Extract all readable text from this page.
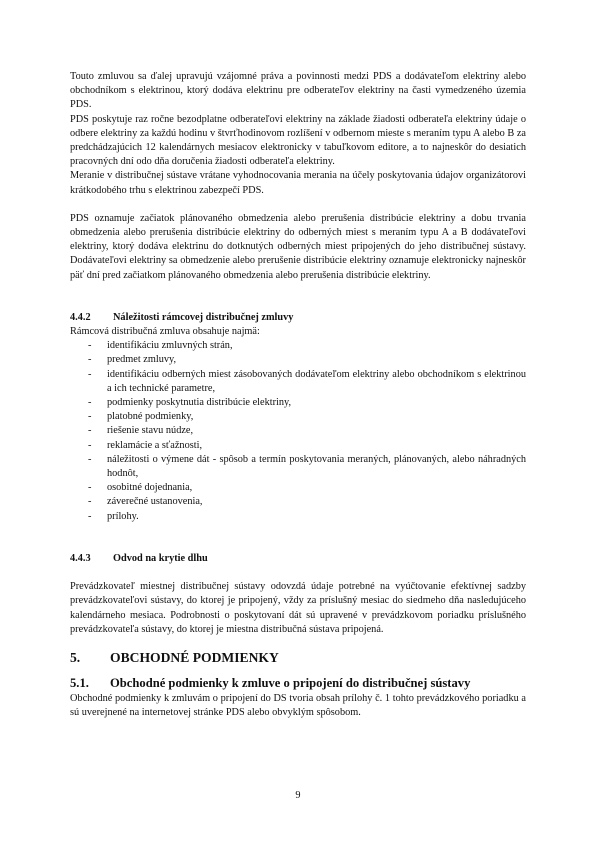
Touto zmluvou sa ďalej upravujú vzájomné práva a povinnosti medzi PDS a dodávateľom elektriny alebo obchodníkom s elektrinou, ktorý dodáva elektrinu pre odberateľov elektriny na časti vymedzeného územia PDS.

PDS poskytuje raz ročne bezodplatne odberateľovi elektriny na základe žiadosti odberateľa elektriny údaje o odbere elektriny za každú hodinu v štvrťhodinovom rozlíšení v odbernom mieste s meraním typu A alebo B za predchádzajúcich 12 kalendárnych mesiacov elektronicky v tabuľkovom editore, a to najneskôr do desiatich pracovných dní odo dňa doručenia žiadosti odberateľa elektriny.

Meranie v distribučnej sústave vrátane vyhodnocovania merania na účely poskytovania údajov organizátorovi krátkodobého trhu s elektrinou zabezpečí PDS.

PDS oznamuje začiatok plánovaného obmedzenia alebo prerušenia distribúcie elektriny a dobu trvania obmedzenia alebo prerušenia distribúcie elektriny do odberných miest s meraním typu A a B dodávateľovi elektriny, ktorý dodáva elektrinu do dotknutých odberných miest pripojených do jeho distribučnej sústavy. Dodávateľovi elektriny sa obmedzenie alebo prerušenie distribúcie elektriny oznamuje elektronicky najneskôr päť dní pred začiatkom plánovaného obmedzenia alebo prerušenia distribúcie elektriny.

4.4.2	Náležitosti rámcovej distribučnej zmluvy

Rámcová distribučná zmluva obsahuje najmä:

-	identifikáciu zmluvných strán,
-	predmet zmluvy,
-	identifikáciu odberných miest zásobovaných dodávateľom elektriny alebo obchodníkom s elektrinou a ich technické parametre,
-	podmienky poskytnutia distribúcie elektriny,
-	platobné podmienky,
-	riešenie stavu núdze,
-	reklamácie a sťažnosti,
-	náležitosti o výmene dát - spôsob a termín poskytovania meraných, plánovaných, alebo náhradných hodnôt,
-	osobitné dojednania,
-	záverečné ustanovenia,
-	prílohy.
4.4.3	Odvod na krytie dlhu

Prevádzkovateľ miestnej distribučnej sústavy odovzdá údaje potrebné na vyúčtovanie efektívnej sadzby prevádzkovateľovi sústavy, do ktorej je pripojený, vždy za príslušný mesiac do siedmeho dňa nasledujúceho kalendárneho mesiaca. Podrobnosti o poskytovaní dát sú upravené v prevádzkovom poriadku príslušného prevádzkovateľa sústavy, do ktorej je miestna distribučná sústava pripojená.

5.	OBCHODNÉ PODMIENKY
5.1.	Obchodné podmienky k zmluve o pripojení do distribučnej sústavy

Obchodné podmienky k zmluvám o pripojení do DS tvoria obsah prílohy č. 1 tohto prevádzkového poriadku a sú uverejnené na internetovej stránke PDS alebo obvyklým spôsobom.

9
